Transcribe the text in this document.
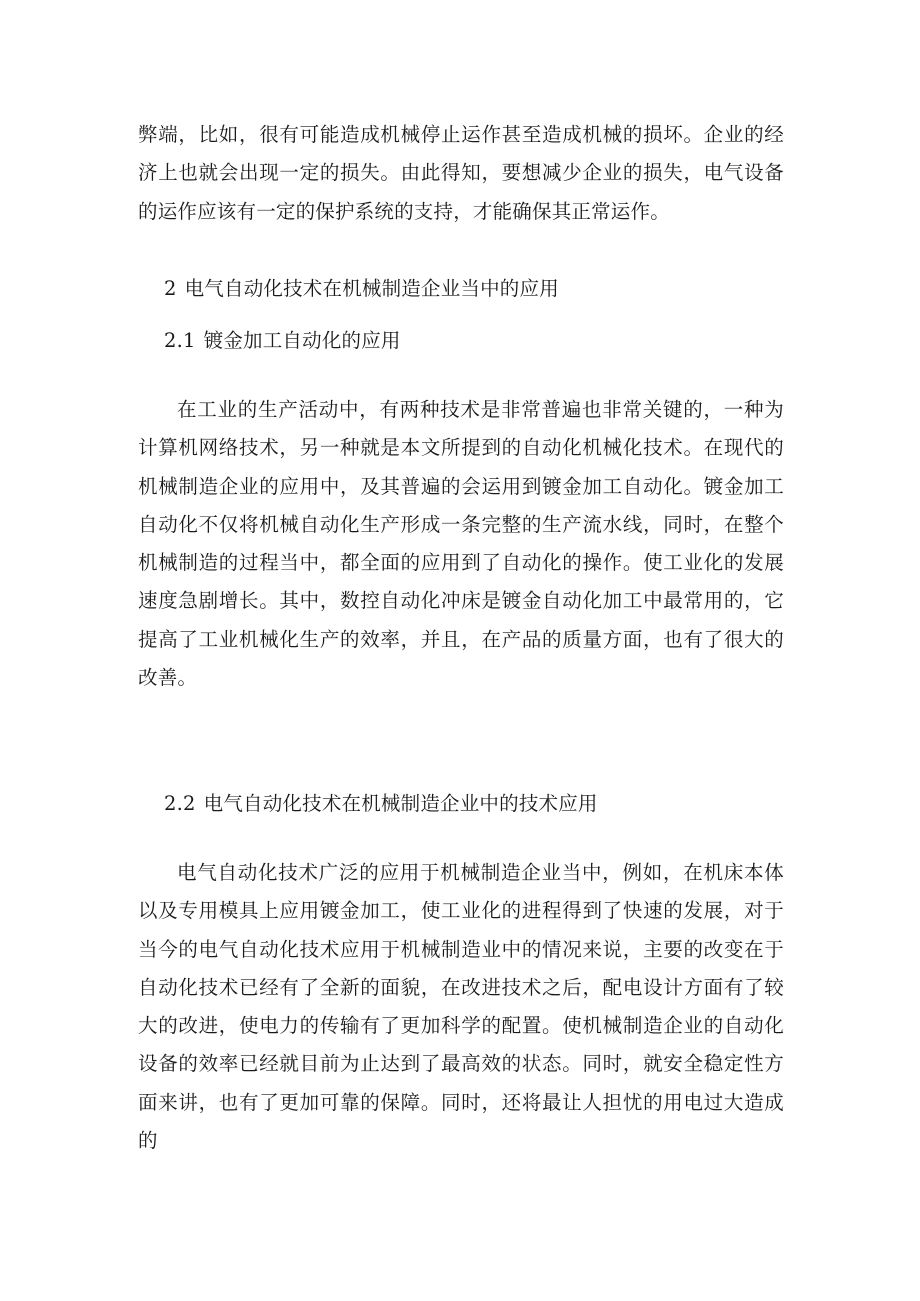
弊端，比如，很有可能造成机械停止运作甚至造成机械的损坏。企业的经济上也就会出现一定的损失。由此得知，要想减少企业的损失，电气设备的运作应该有一定的保护系统的支持，才能确保其正常运作。

2 电气自动化技术在机械制造企业当中的应用
2.1 镀金加工自动化的应用

在工业的生产活动中，有两种技术是非常普遍也非常关键的，一种为计算机网络技术，另一种就是本文所提到的自动化机械化技术。在现代的机械制造企业的应用中，及其普遍的会运用到镀金加工自动化。镀金加工自动化不仅将机械自动化生产形成一条完整的生产流水线，同时，在整个机械制造的过程当中，都全面的应用到了自动化的操作。使工业化的发展速度急剧增长。其中，数控自动化冲床是镀金自动化加工中最常用的，它提高了工业机械化生产的效率，并且，在产品的质量方面，也有了很大的改善。

2.2 电气自动化技术在机械制造企业中的技术应用

电气自动化技术广泛的应用于机械制造企业当中，例如，在机床本体以及专用模具上应用镀金加工，使工业化的进程得到了快速的发展，对于当今的电气自动化技术应用于机械制造业中的情况来说，主要的改变在于自动化技术已经有了全新的面貌，在改进技术之后，配电设计方面有了较大的改进，使电力的传输有了更加科学的配置。使机械制造企业的自动化设备的效率已经就目前为止达到了最高效的状态。同时，就安全稳定性方面来讲，也有了更加可靠的保障。同时，还将最让人担忧的用电过大造成的
